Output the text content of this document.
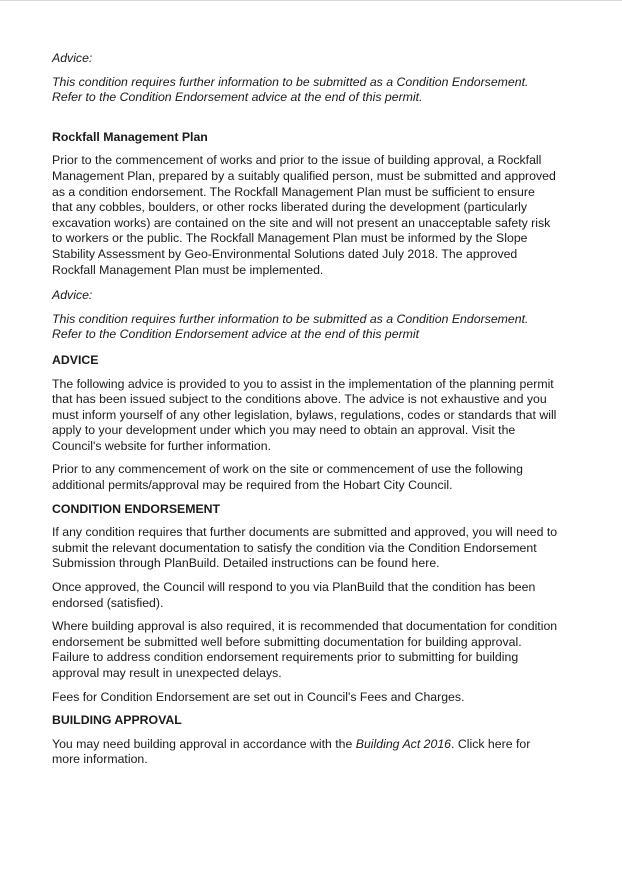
Advice:

This condition requires further information to be submitted as a Condition Endorsement.
Refer to the Condition Endorsement advice at the end of this permit.

Rockfall Management Plan

Prior to the commencement of works and prior to the issue of building approval, a Rockfall
Management Plan, prepared by a suitably qualified person, must be submitted and approved
as a condition endorsement. The Rockfall Management Plan must be sufficient to ensure
that any cobbles, boulders, or other rocks liberated during the development (particularly
excavation works) are contained on the site and will not present an unacceptable safety risk
to workers or the public. The Rockfall Management Plan must be informed by the Slope
Stability Assessment by Geo-Environmental Solutions dated July 2018. The approved
Rockfall Management Plan must be implemented.

Advice:

This condition requires further information to be submitted as a Condition Endorsement.
Refer to the Condition Endorsement advice at the end of this permit

ADVICE

The following advice is provided to you to assist in the implementation of the planning permit
that has been issued subject to the conditions above. The advice is not exhaustive and you
must inform yourself of any other legislation, bylaws, regulations, codes or standards that will
apply to your development under which you may need to obtain an approval. Visit the
Council's website for further information.

Prior to any commencement of work on the site or commencement of use the following
additional permits/approval may be required from the Hobart City Council.

CONDITION ENDORSEMENT

If any condition requires that further documents are submitted and approved, you will need to
submit the relevant documentation to satisfy the condition via the Condition Endorsement
Submission through PlanBuild. Detailed instructions can be found here.

Once approved, the Council will respond to you via PlanBuild that the condition has been
endorsed (satisfied).

Where building approval is also required, it is recommended that documentation for condition
endorsement be submitted well before submitting documentation for building approval.
Failure to address condition endorsement requirements prior to submitting for building
approval may result in unexpected delays.

Fees for Condition Endorsement are set out in Council's Fees and Charges.

BUILDING APPROVAL

You may need building approval in accordance with the Building Act 2016. Click here for
more information.
